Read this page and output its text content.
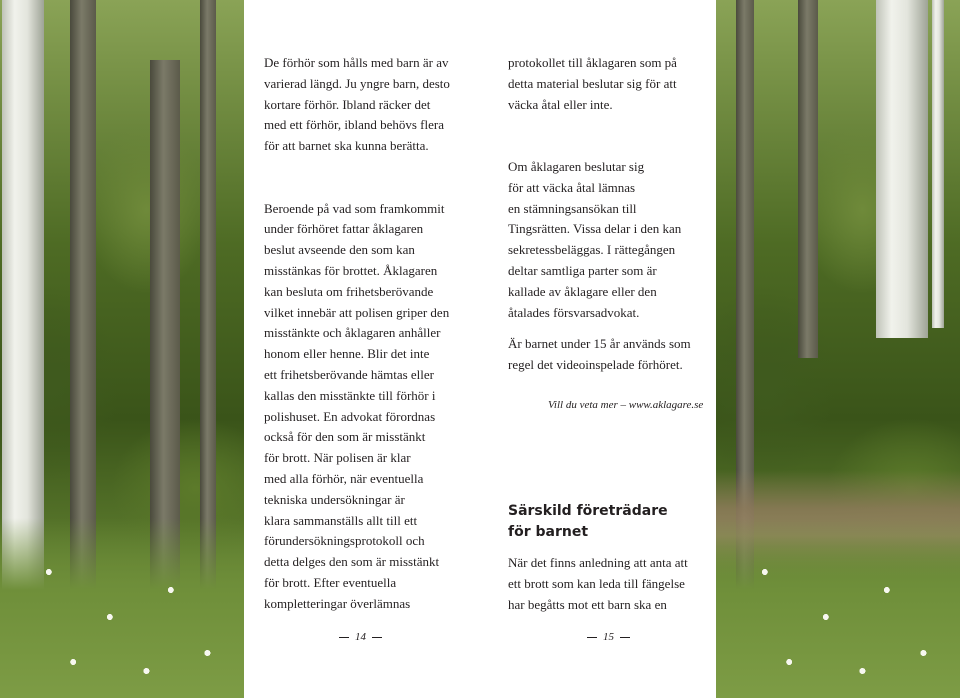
De förhör som hålls med barn är av
varierad längd. Ju yngre barn, desto
kortare förhör. Ibland räcker det
med ett förhör, ibland behövs flera
för att barnet ska kunna berätta.

Beroende på vad som framkommit
under förhöret fattar åklagaren
beslut avseende den som kan
misstänkas för brottet. Åklagaren
kan besluta om frihetsberövande
vilket innebär att polisen griper den
misstänkte och åklagaren anhåller
honom eller henne. Blir det inte
ett frihetsberövande hämtas eller
kallas den misstänkte till förhör i
polishuset. En advokat förordnas
också för den som är misstänkt
för brott. När polisen är klar
med alla förhör, när eventuella
tekniska undersökningar är
klara sammanställs allt till ett
förundersökningsprotokoll och
detta delges den som är misstänkt
för brott. Efter eventuella
kompletteringar överlämnas

protokollet till åklagaren som på
detta material beslutar sig för att
väcka åtal eller inte.

Om åklagaren beslutar sig
för att väcka åtal lämnas
en stämningsansökan till
Tingsrätten. Vissa delar i den kan
sekretessbeläggas. I rättegången
deltar samtliga parter som är
kallade av åklagare eller den
åtalades försvarsadvokat.

Är barnet under 15 år används som
regel det videoinspelade förhöret.

Vill du veta mer – www.aklagare.se
Särskild företrädare
för barnet

När det finns anledning att anta att
ett brott som kan leda till fängelse
har begåtts mot ett barn ska en

14	15
